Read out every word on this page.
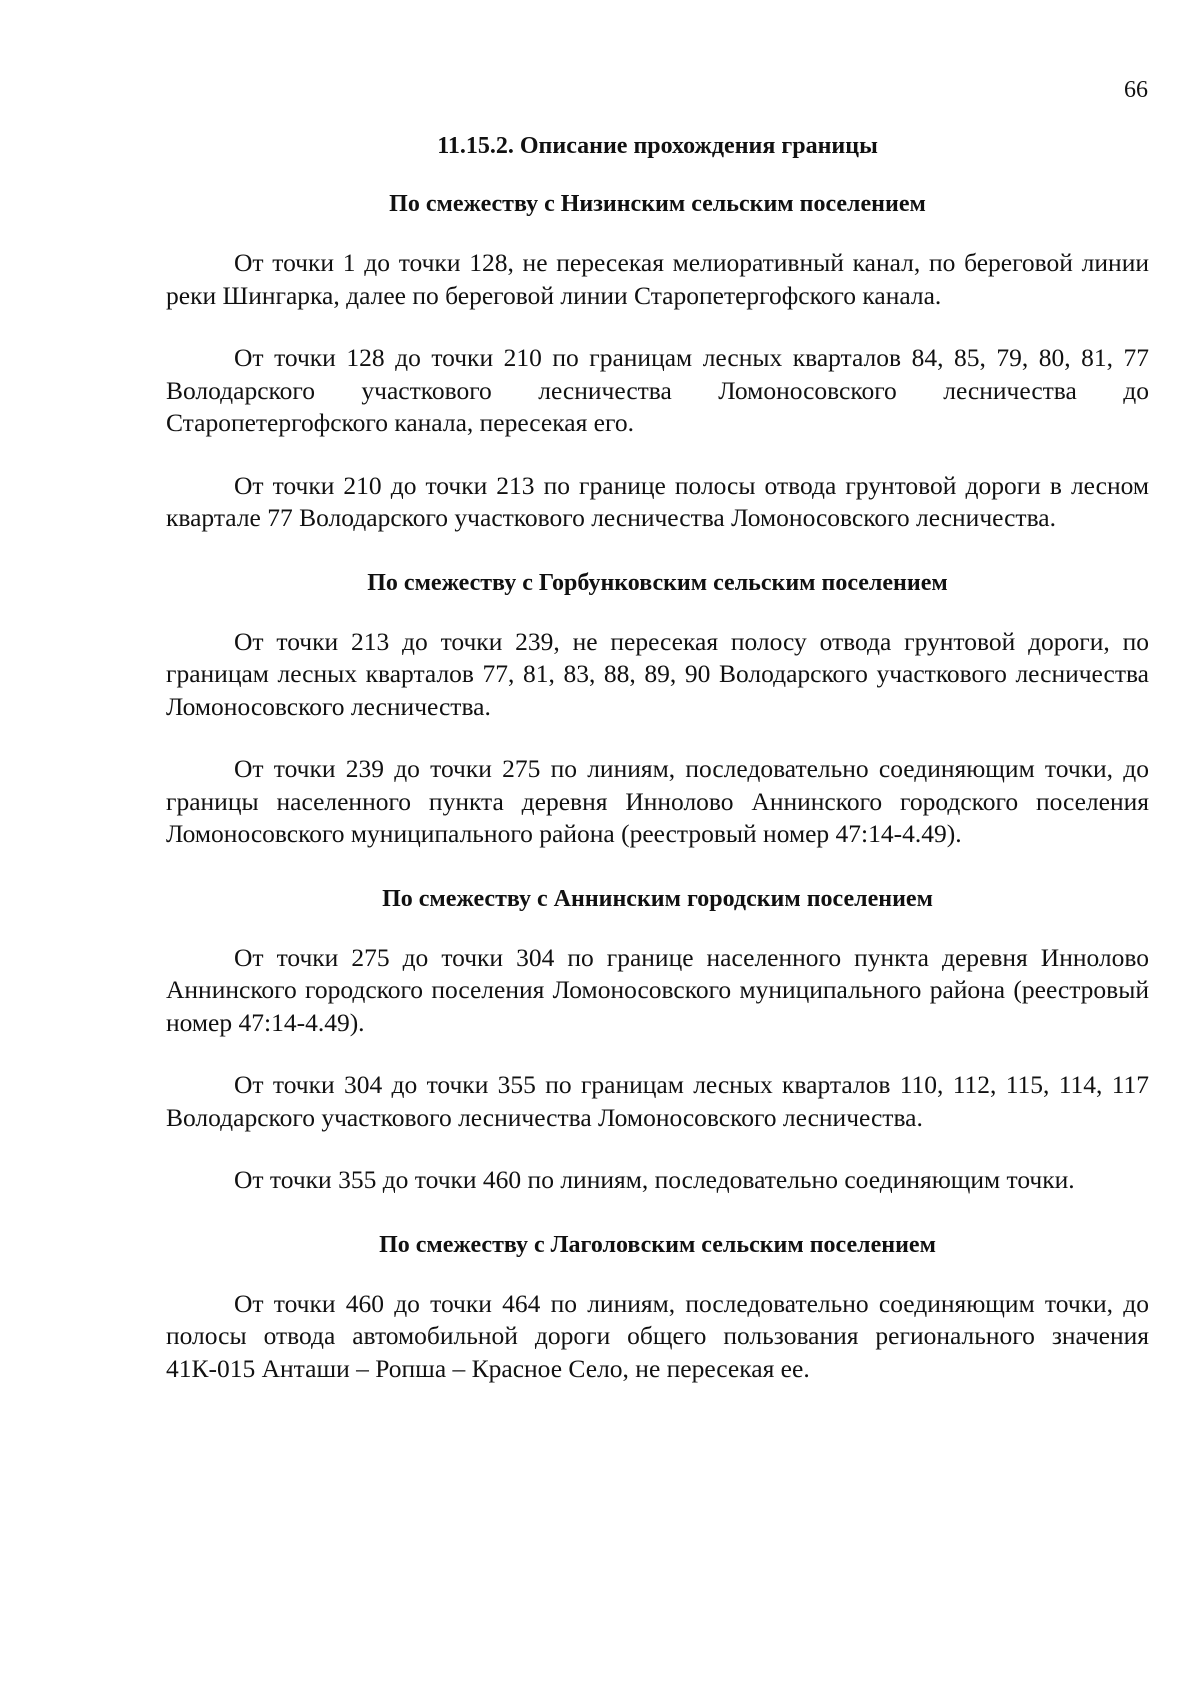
66
11.15.2. Описание прохождения границы
По смежеству с Низинским сельским поселением

От точки 1 до точки 128, не пересекая мелиоративный канал, по береговой линии реки Шингарка, далее по береговой линии Старопетергофского канала.

От точки 128 до точки 210 по границам лесных кварталов 84, 85, 79, 80, 81, 77 Володарского участкового лесничества Ломоносовского лесничества до Старопетергофского канала, пересекая его.

От точки 210 до точки 213 по границе полосы отвода грунтовой дороги в лесном квартале 77 Володарского участкового лесничества Ломоносовского лесничества.

По смежеству с Горбунковским сельским поселением

От точки 213 до точки 239, не пересекая полосу отвода грунтовой дороги, по границам лесных кварталов 77, 81, 83, 88, 89, 90 Володарского участкового лесничества Ломоносовского лесничества.

От точки 239 до точки 275 по линиям, последовательно соединяющим точки, до границы населенного пункта деревня Иннолово Аннинского городского поселения Ломоносовского муниципального района (реестровый номер 47:14-4.49).

По смежеству с Аннинским городским поселением

От точки 275 до точки 304 по границе населенного пункта деревня Иннолово Аннинского городского поселения Ломоносовского муниципального района (реестровый номер 47:14-4.49).

От точки 304 до точки 355 по границам лесных кварталов 110, 112, 115, 114, 117 Володарского участкового лесничества Ломоносовского лесничества.

От точки 355 до точки 460 по линиям, последовательно соединяющим точки.

По смежеству с Лаголовским сельским поселением

От точки 460 до точки 464 по линиям, последовательно соединяющим точки, до полосы отвода автомобильной дороги общего пользования регионального значения 41К-015 Анташи – Ропша – Красное Село, не пересекая ее.
